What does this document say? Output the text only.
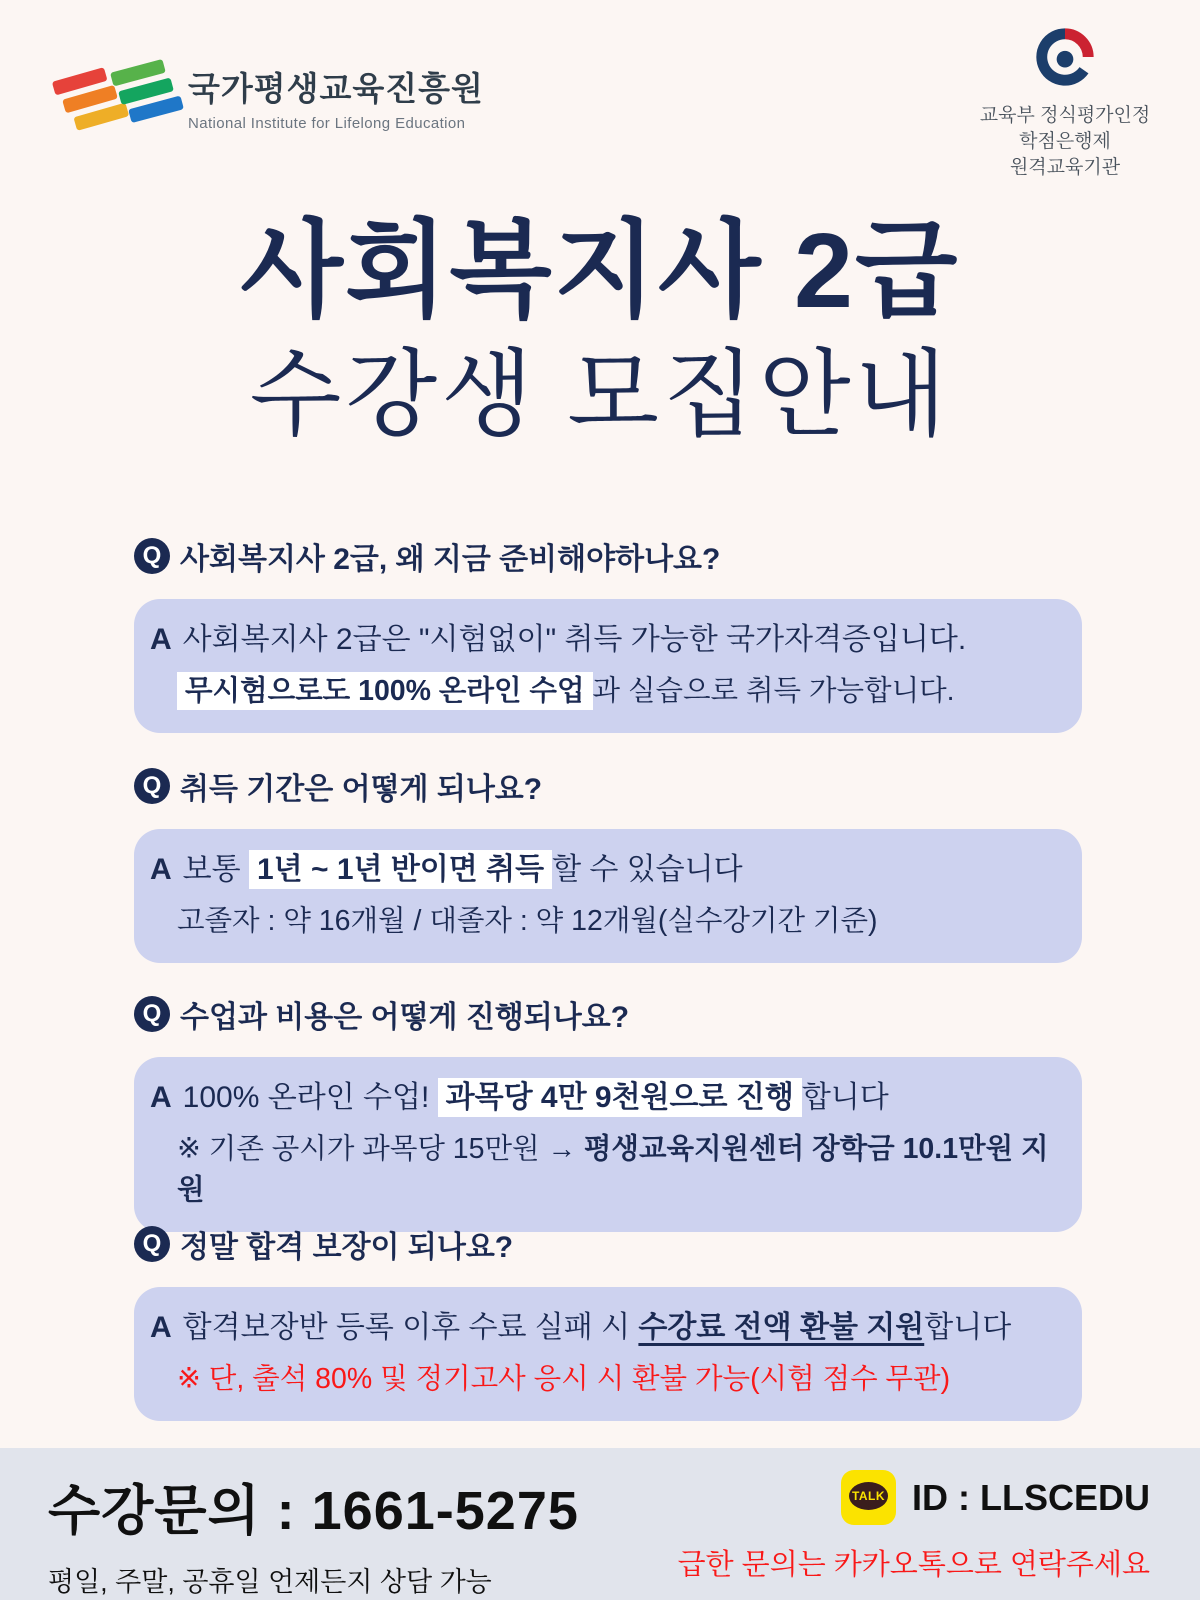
국가평생교육진흥원
National Institute for Lifelong Education	교육부 정식평가인정
학점은행제
원격교육기관
사회복지사 2급
수강생 모집안내
Q 사회복지사 2급, 왜 지금 준비해야하나요?
A 사회복지사 2급은 "시험없이" 취득 가능한 국가자격증입니다.
무시험으로도 100% 온라인 수업 과 실습으로 취득 가능합니다.
Q 취득 기간은 어떻게 되나요?
A 보통 1년 ~ 1년 반이면 취득 할 수 있습니다
고졸자 : 약 16개월 / 대졸자 : 약 12개월(실수강기간 기준)
Q 수업과 비용은 어떻게 진행되나요?
A 100% 온라인 수업! 과목당 4만 9천원으로 진행 합니다
※ 기존 공시가 과목당 15만원 → 평생교육지원센터 장학금 10.1만원 지원
Q 정말 합격 보장이 되나요?
A 합격보장반 등록 이후 수료 실패 시 수강료 전액 환불 지원합니다
※ 단, 출석 80% 및 정기고사 응시 시 환불 가능(시험 점수 무관)
수강문의 : 1661-5275
평일, 주말, 공휴일 언제든지 상담 가능
TALK ID : LLSCEDU
급한 문의는 카카오톡으로 연락주세요
